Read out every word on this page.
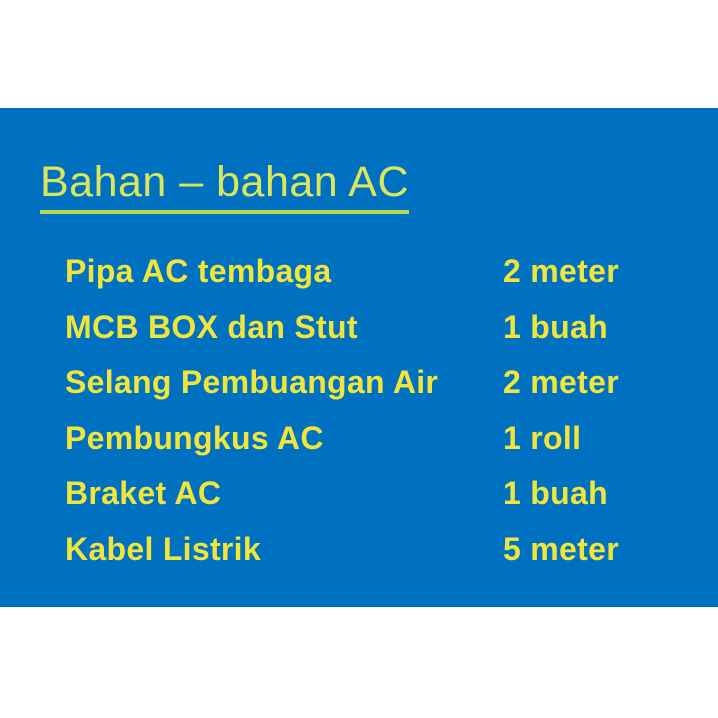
Bahan – bahan AC
Pipa AC tembaga	2 meter
MCB BOX dan Stut	1 buah
Selang Pembuangan Air	2 meter
Pembungkus AC	1 roll
Braket AC	1 buah
Kabel Listrik	5 meter
